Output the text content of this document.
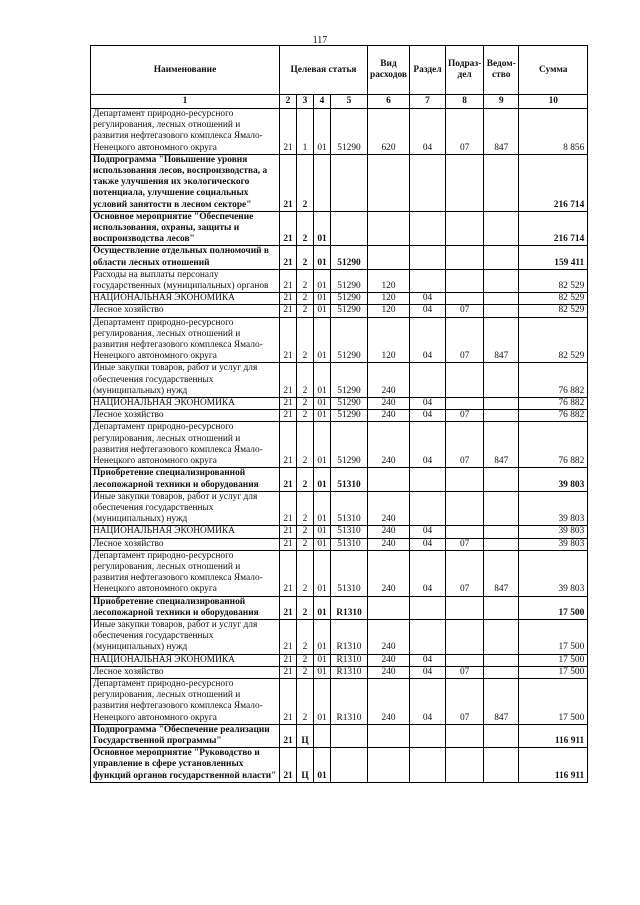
117
Наименование	Целевая статья				Вид расходов	Раздел	Подраз-дел	Ведом-ство	Сумма
1	2	3	4	5	6	7	8	9	10
Департамент природно-ресурсного регулирования, лесных отношений и развития нефтегазового комплекса Ямало-Ненецкого автономного округа	21	1	01	51290	620	04	07	847	8 856
Подпрограмма "Повышение уровня использования лесов, воспроизводства, а также улучшения их экологического потенциала, улучшение социальных условий занятости в лесном секторе"	21	2							216 714
Основное мероприятие "Обеспечение использования, охраны, защиты и воспроизводства лесов"	21	2	01						216 714
Осуществление отдельных полномочий в области лесных отношений	21	2	01	51290					159 411
Расходы на выплаты персоналу государственных (муниципальных) органов	21	2	01	51290	120				82 529
НАЦИОНАЛЬНАЯ ЭКОНОМИКА	21	2	01	51290	120	04			82 529
Лесное хозяйство	21	2	01	51290	120	04	07		82 529
Департамент природно-ресурсного регулирования, лесных отношений и развития нефтегазового комплекса Ямало-Ненецкого автономного округа	21	2	01	51290	120	04	07	847	82 529
Иные закупки товаров, работ и услуг для обеспечения государственных (муниципальных) нужд	21	2	01	51290	240				76 882
НАЦИОНАЛЬНАЯ ЭКОНОМИКА	21	2	01	51290	240	04			76 882
Лесное хозяйство	21	2	01	51290	240	04	07		76 882
Департамент природно-ресурсного регулирования, лесных отношений и развития нефтегазового комплекса Ямало-Ненецкого автономного округа	21	2	01	51290	240	04	07	847	76 882
Приобретение специализированной лесопожарной техники и оборудования	21	2	01	51310					39 803
Иные закупки товаров, работ и услуг для обеспечения государственных (муниципальных) нужд	21	2	01	51310	240				39 803
НАЦИОНАЛЬНАЯ ЭКОНОМИКА	21	2	01	51310	240	04			39 803
Лесное хозяйство	21	2	01	51310	240	04	07		39 803
Департамент природно-ресурсного регулирования, лесных отношений и развития нефтегазового комплекса Ямало-Ненецкого автономного округа	21	2	01	51310	240	04	07	847	39 803
Приобретение специализированной лесопожарной техники и оборудования	21	2	01	R1310					17 500
Иные закупки товаров, работ и услуг для обеспечения государственных (муниципальных) нужд	21	2	01	R1310	240				17 500
НАЦИОНАЛЬНАЯ ЭКОНОМИКА	21	2	01	R1310	240	04			17 500
Лесное хозяйство	21	2	01	R1310	240	04	07		17 500
Департамент природно-ресурсного регулирования, лесных отношений и развития нефтегазового комплекса Ямало-Ненецкого автономного округа	21	2	01	R1310	240	04	07	847	17 500
Подпрограмма "Обеспечение реализации Государственной программы"	21	Ц							116 911
Основное мероприятие "Руководство и управление в сфере установленных функций органов государственной власти"	21	Ц	01						116 911
